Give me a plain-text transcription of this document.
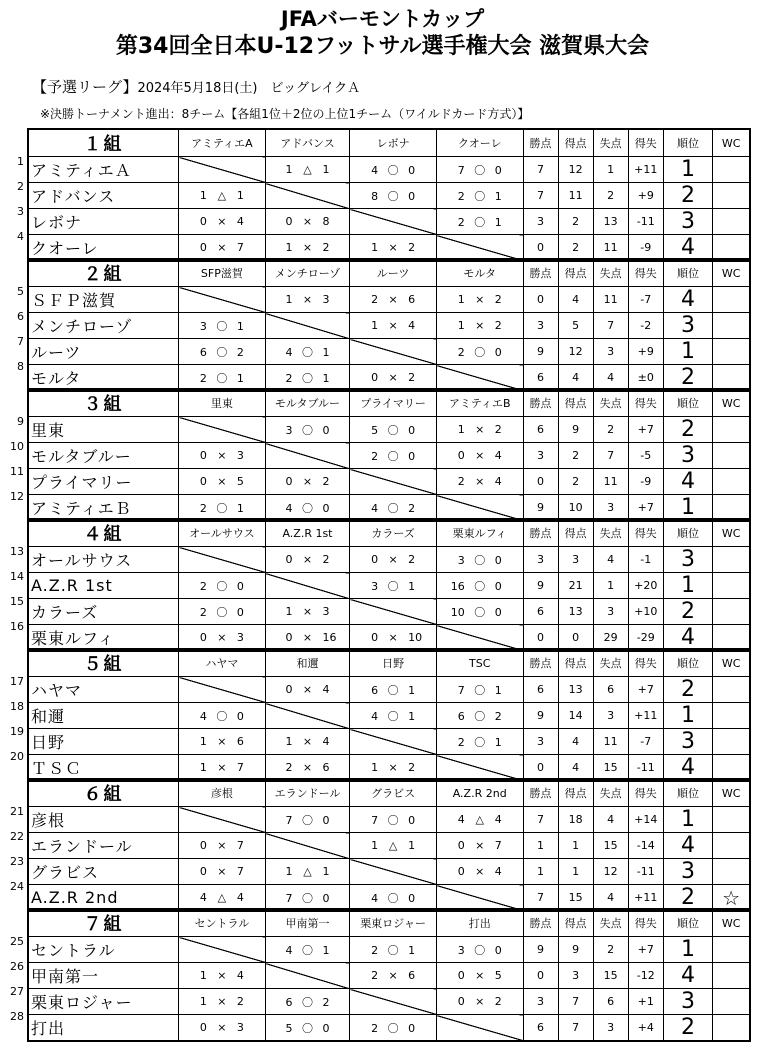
JFAバーモントカップ
第34回全日本U-12フットサル選手権大会 滋賀県大会
【予選リーグ】2024年5月18日(土)　ビッグレイクＡ
※決勝トーナメント進出：8チーム【各組1位＋2位の上位1チーム（ワイルドカード方式）】
1
2
3
4
１組	アミティエA	アドバンス	レボナ	クオーレ	勝点	得点	失点	得失	順位	WC
アミティエＡ		1 △ 1	4 〇 0	7 〇 0	7	12	1	+11	1	
アドバンス	1 △ 1		8 〇 0	2 〇 1	7	11	2	+9	2	
レボナ	0 × 4	0 × 8		2 〇 1	3	2	13	-11	3	
クオーレ	0 × 7	1 × 2	1 × 2		0	2	11	-9	4	
5
6
7
8
２組	SFP滋賀	メンチローゾ	ルーツ	モルタ	勝点	得点	失点	得失	順位	WC
ＳＦＰ滋賀		1 × 3	2 × 6	1 × 2	0	4	11	-7	4	
メンチローゾ	3 〇 1		1 × 4	1 × 2	3	5	7	-2	3	
ルーツ	6 〇 2	4 〇 1		2 〇 0	9	12	3	+9	1	
モルタ	2 〇 1	2 〇 1	0 × 2		6	4	4	±0	2	
9
10
11
12
３組	里東	モルタブルー	プライマリー	アミティエB	勝点	得点	失点	得失	順位	WC
里東		3 〇 0	5 〇 0	1 × 2	6	9	2	+7	2	
モルタブルー	0 × 3		2 〇 0	0 × 4	3	2	7	-5	3	
プライマリー	0 × 5	0 × 2		2 × 4	0	2	11	-9	4	
アミティエＢ	2 〇 1	4 〇 0	4 〇 2		9	10	3	+7	1	
13
14
15
16
４組	オールサウス	A.Z.R 1st	カラーズ	栗東ルフィ	勝点	得点	失点	得失	順位	WC
オールサウス		0 × 2	0 × 2	3 〇 0	3	3	4	-1	3	
A.Z.R 1st	2 〇 0		3 〇 1	16 〇 0	9	21	1	+20	1	
カラーズ	2 〇 0	1 × 3		10 〇 0	6	13	3	+10	2	
栗東ルフィ	0 × 3	0 × 16	0 × 10		0	0	29	-29	4	
17
18
19
20
５組	ハヤマ	和邇	日野	TSC	勝点	得点	失点	得失	順位	WC
ハヤマ		0 × 4	6 〇 1	7 〇 1	6	13	6	+7	2	
和邇	4 〇 0		4 〇 1	6 〇 2	9	14	3	+11	1	
日野	1 × 6	1 × 4		2 〇 1	3	4	11	-7	3	
ＴＳＣ	1 × 7	2 × 6	1 × 2		0	4	15	-11	4	
21
22
23
24
６組	彦根	エランドール	グラビス	A.Z.R 2nd	勝点	得点	失点	得失	順位	WC
彦根		7 〇 0	7 〇 0	4 △ 4	7	18	4	+14	1	
エランドール	0 × 7		1 △ 1	0 × 7	1	1	15	-14	4	
グラビス	0 × 7	1 △ 1		0 × 4	1	1	12	-11	3	
A.Z.R 2nd	4 △ 4	7 〇 0	4 〇 0		7	15	4	+11	2	☆
25
26
27
28
７組	セントラル	甲南第一	栗東ロジャー	打出	勝点	得点	失点	得失	順位	WC
セントラル		4 〇 1	2 〇 1	3 〇 0	9	9	2	+7	1	
甲南第一	1 × 4		2 × 6	0 × 5	0	3	15	-12	4	
栗東ロジャー	1 × 2	6 〇 2		0 × 2	3	7	6	+1	3	
打出	0 × 3	5 〇 0	2 〇 0		6	7	3	+4	2	
